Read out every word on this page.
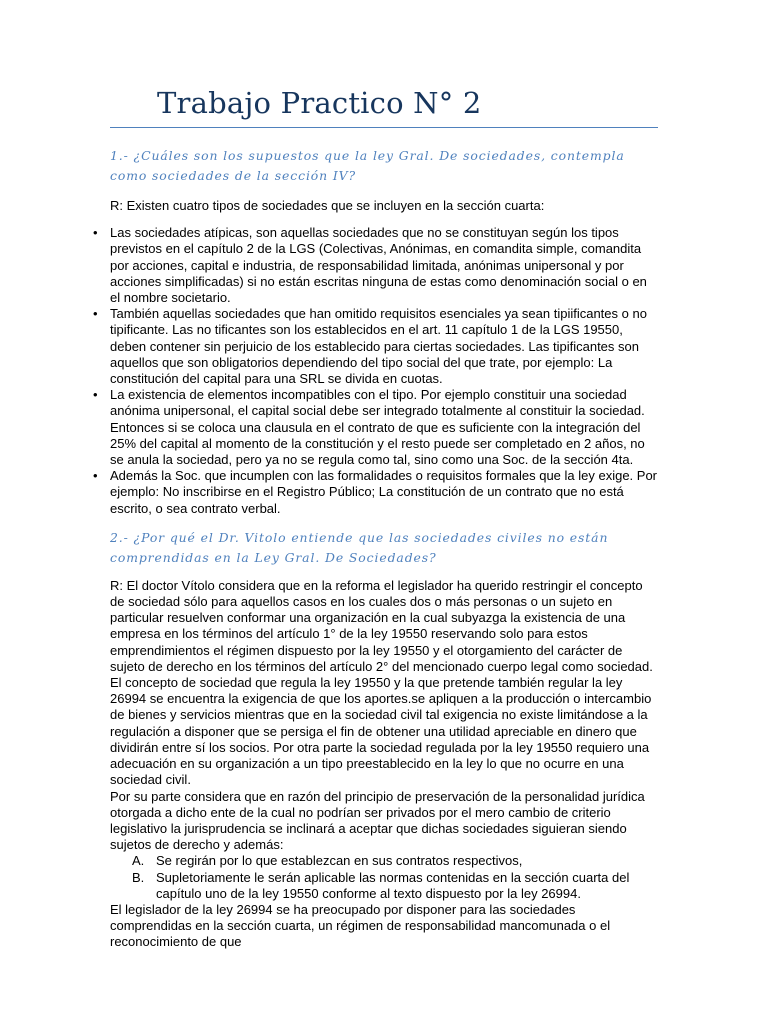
Trabajo Practico N° 2

1.- ¿Cuáles son los supuestos que la ley Gral. De sociedades, contempla como sociedades de la sección IV?

R: Existen cuatro tipos de sociedades que se incluyen en la sección cuarta:

• Las sociedades atípicas, son aquellas sociedades que no se constituyan según los tipos previstos en el capítulo 2 de la LGS (Colectivas, Anónimas, en comandita simple, comandita por acciones, capital e industria, de responsabilidad limitada, anónimas unipersonal y por acciones simplificadas) si no están escritas ninguna de estas como denominación social o en el nombre societario.
• También aquellas sociedades que han omitido requisitos esenciales ya sean tipiificantes o no tipificante. Las no tificantes son los establecidos en el art. 11 capítulo 1 de la LGS 19550, deben contener sin perjuicio de los establecido para ciertas sociedades. Las tipificantes son aquellos que son obligatorios dependiendo del tipo social del que trate, por ejemplo: La constitución del capital para una SRL se divida en cuotas.
• La existencia de elementos incompatibles con el tipo. Por ejemplo constituir una sociedad anónima unipersonal, el capital social debe ser integrado totalmente al constituir la sociedad. Entonces si se coloca una clausula en el contrato de que es suficiente con la integración del 25% del capital al momento de la constitución y el resto puede ser completado en 2 años, no se anula la sociedad, pero ya no se regula como tal, sino como una Soc. de la sección 4ta.
• Además la Soc. que incumplen con las formalidades o requisitos formales que la ley exige. Por ejemplo: No inscribirse en el Registro Público; La constitución de un contrato que no está escrito, o sea contrato verbal.

2.- ¿Por qué el Dr. Vitolo entiende que las sociedades civiles no están comprendidas en la Ley Gral. De Sociedades?

R: El doctor Vítolo considera que en la reforma el legislador ha querido restringir el concepto de sociedad sólo para aquellos casos en los cuales dos o más personas o un sujeto en particular resuelven conformar una organización en la cual subyazga la existencia de una empresa en los términos del artículo 1° de la ley 19550 reservando solo para estos emprendimientos el régimen dispuesto por la ley 19550 y el otorgamiento del carácter de sujeto de derecho en los términos del artículo 2° del mencionado cuerpo legal como sociedad.

El concepto de sociedad que regula la ley 19550 y la que pretende también regular la ley 26994 se encuentra la exigencia de que los aportes.se apliquen a la producción o intercambio de bienes y servicios mientras que en la sociedad civil tal exigencia no existe limitándose a la regulación a disponer que se persiga el fin de obtener una utilidad apreciable en dinero que dividirán entre sí los socios. Por otra parte la sociedad regulada por la ley 19550 requiero una adecuación en su organización a un tipo preestablecido en la ley lo que no ocurre en una sociedad civil.

Por su parte considera que en razón del principio de preservación de la personalidad jurídica otorgada a dicho ente de la cual no podrían ser privados por el mero cambio de criterio legislativo la jurisprudencia se inclinará a aceptar que dichas sociedades siguieran siendo sujetos de derecho y además:

A. Se regirán por lo que establezcan en sus contratos respectivos,
B. Supletoriamente le serán aplicable las normas contenidas en la sección cuarta del capítulo uno de la ley 19550 conforme al texto dispuesto por la ley 26994.

El legislador de la ley 26994 se ha preocupado por disponer para las sociedades comprendidas en la sección cuarta, un régimen de responsabilidad mancomunada o el reconocimiento de que
